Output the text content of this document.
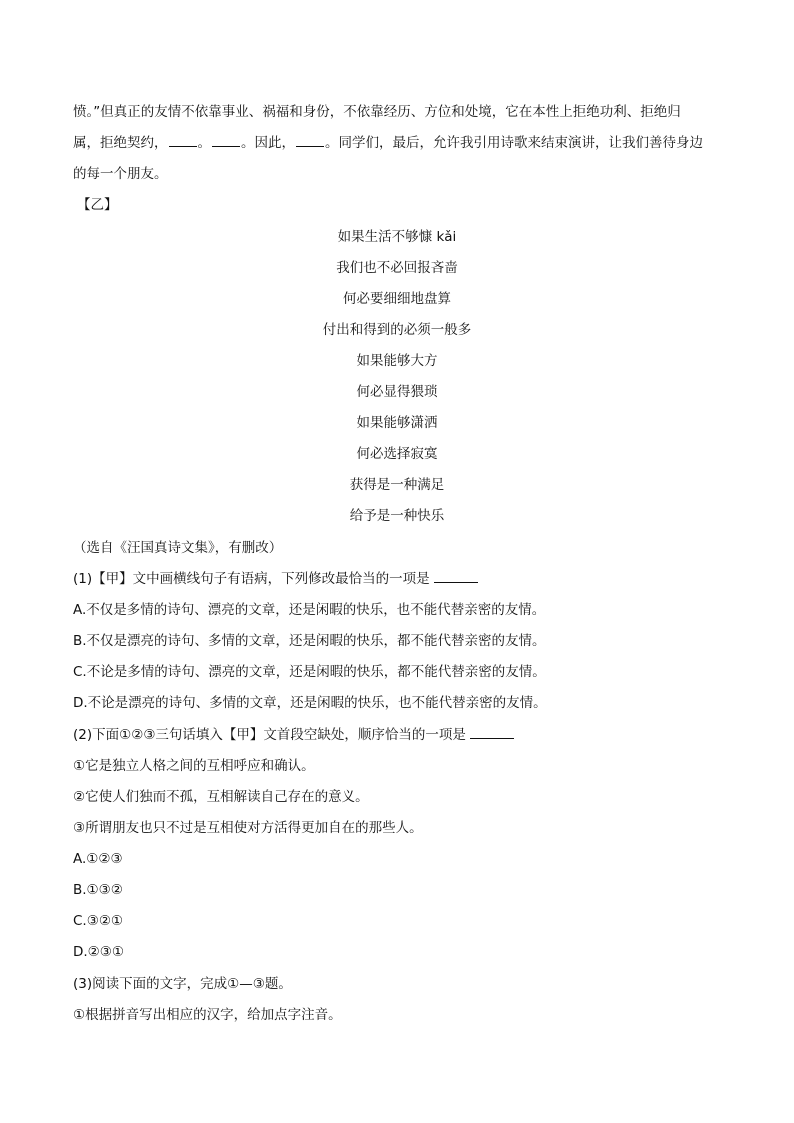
愤。”但真正的友情不依靠事业、祸福和身份，不依靠经历、方位和处境，它在本性上拒绝功利、拒绝归
属，拒绝契约， 。 。因此， 。同学们，最后，允许我引用诗歌来结束演讲，让我们善待身边
的每一个朋友。
【乙】
如果生活不够慷 kǎi
我们也不必回报吝啬
何必要细细地盘算
付出和得到的必须一般多
如果能够大方
何必显得猥琐
如果能够潇洒
何必选择寂寞
获得是一种满足
给予是一种快乐
（选自《汪国真诗文集》，有删改）
(1)【甲】文中画横线句子有语病，下列修改最恰当的一项是
A.不仅是多情的诗句、漂亮的文章，还是闲暇的快乐，也不能代替亲密的友情。
B.不仅是漂亮的诗句、多情的文章，还是闲暇的快乐，都不能代替亲密的友情。
C.不论是多情的诗句、漂亮的文章，还是闲暇的快乐，都不能代替亲密的友情。
D.不论是漂亮的诗句、多情的文章，还是闲暇的快乐，也不能代替亲密的友情。
(2)下面①②③三句话填入【甲】文首段空缺处，顺序恰当的一项是
①它是独立人格之间的互相呼应和确认。
②它使人们独而不孤，互相解读自己存在的意义。
③所谓朋友也只不过是互相使对方活得更加自在的那些人。
A.①②③
B.①③②
C.③②①
D.②③①
(3)阅读下面的文字，完成①—③题。
①根据拼音写出相应的汉字，给加点字注音。
